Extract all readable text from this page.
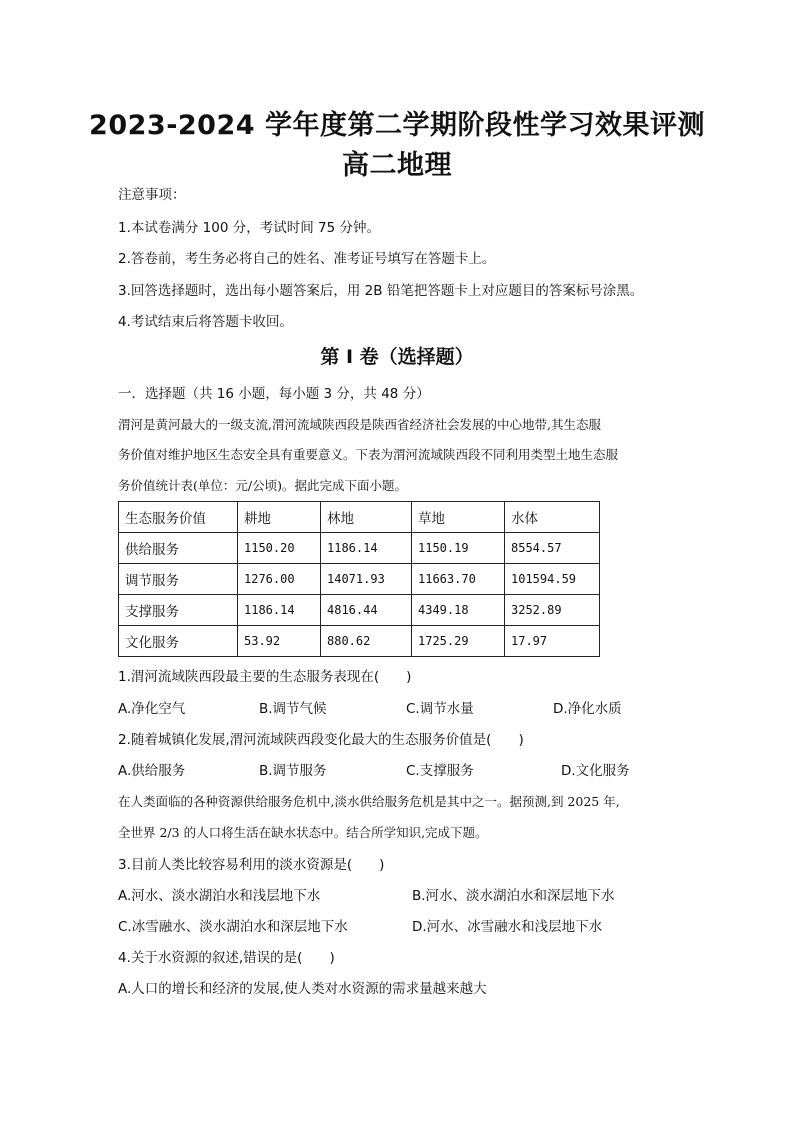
2023-2024 学年度第二学期阶段性学习效果评测
高二地理
注意事项：
1.本试卷满分 100 分，考试时间 75 分钟。
2.答卷前，考生务必将自己的姓名、准考证号填写在答题卡上。
3.回答选择题时，选出每小题答案后，用 2B 铅笔把答题卡上对应题目的答案标号涂黑。
4.考试结束后将答题卡收回。
第 I 卷（选择题）
一．选择题（共 16 小题，每小题 3 分，共 48 分）
渭河是黄河最大的一级支流,渭河流域陕西段是陕西省经济社会发展的中心地带,其生态服
务价值对维护地区生态安全具有重要意义。下表为渭河流域陕西段不同利用类型土地生态服
务价值统计表(单位：元/公顷)。据此完成下面小题。
生态服务价值	耕地	林地	草地	水体
供给服务	1150.20	1186.14	1150.19	8554.57
调节服务	1276.00	14071.93	11663.70	101594.59
支撑服务	1186.14	4816.44	4349.18	3252.89
文化服务	53.92	880.62	1725.29	17.97
1.渭河流域陕西段最主要的生态服务表现在(　　)
A.净化空气	B.调节气候	C.调节水量	D.净化水质
2.随着城镇化发展,渭河流域陕西段变化最大的生态服务价值是(　　)
A.供给服务	B.调节服务	C.支撑服务	D.文化服务
在人类面临的各种资源供给服务危机中,淡水供给服务危机是其中之一。据预测,到 2025 年,
全世界 2/3 的人口将生活在缺水状态中。结合所学知识,完成下题。
3.目前人类比较容易利用的淡水资源是(　　)
A.河水、淡水湖泊水和浅层地下水	B.河水、淡水湖泊水和深层地下水
C.冰雪融水、淡水湖泊水和深层地下水	D.河水、冰雪融水和浅层地下水
4.关于水资源的叙述,错误的是(　　)
A.人口的增长和经济的发展,使人类对水资源的需求量越来越大
